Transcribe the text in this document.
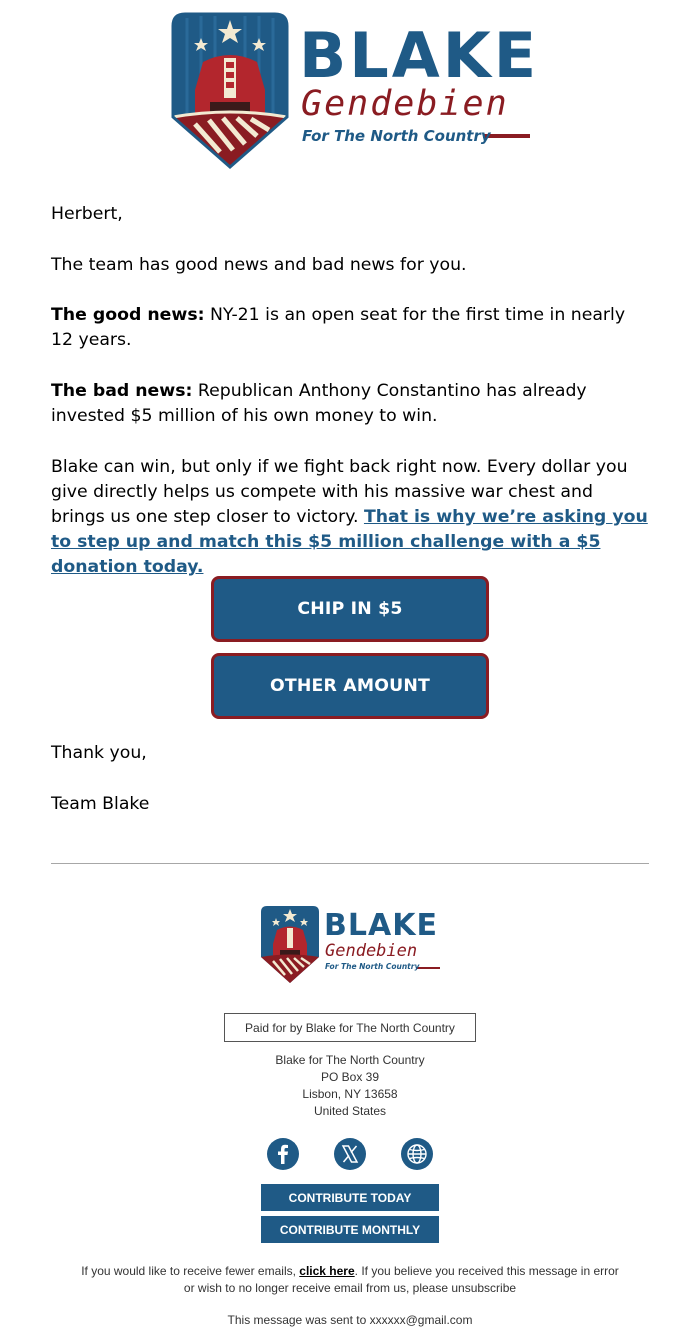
BLAKE
Gendebien
For The North Country

Herbert,

The team has good news and bad news for you.

The good news: NY-21 is an open seat for the first time in nearly 12 years.

The bad news: Republican Anthony Constantino has already invested $5 million of his own money to win.

Blake can win, but only if we fight back right now. Every dollar you give directly helps us compete with his massive war chest and brings us one step closer to victory. That is why we’re asking you to step up and match this $5 million challenge with a $5 donation today.

CHIP IN $5
OTHER AMOUNT

Thank you,

Team Blake

BLAKE
Gendebien
For The North Country
Paid for by Blake for The North Country
Blake for The North Country
PO Box 39
Lisbon, NY 13658
United States
CONTRIBUTE TODAY
CONTRIBUTE MONTHLY
If you would like to receive fewer emails, click here. If you believe you received this message in error or wish to no longer receive email from us, please unsubscribe
This message was sent to xxxxxx@gmail.com
